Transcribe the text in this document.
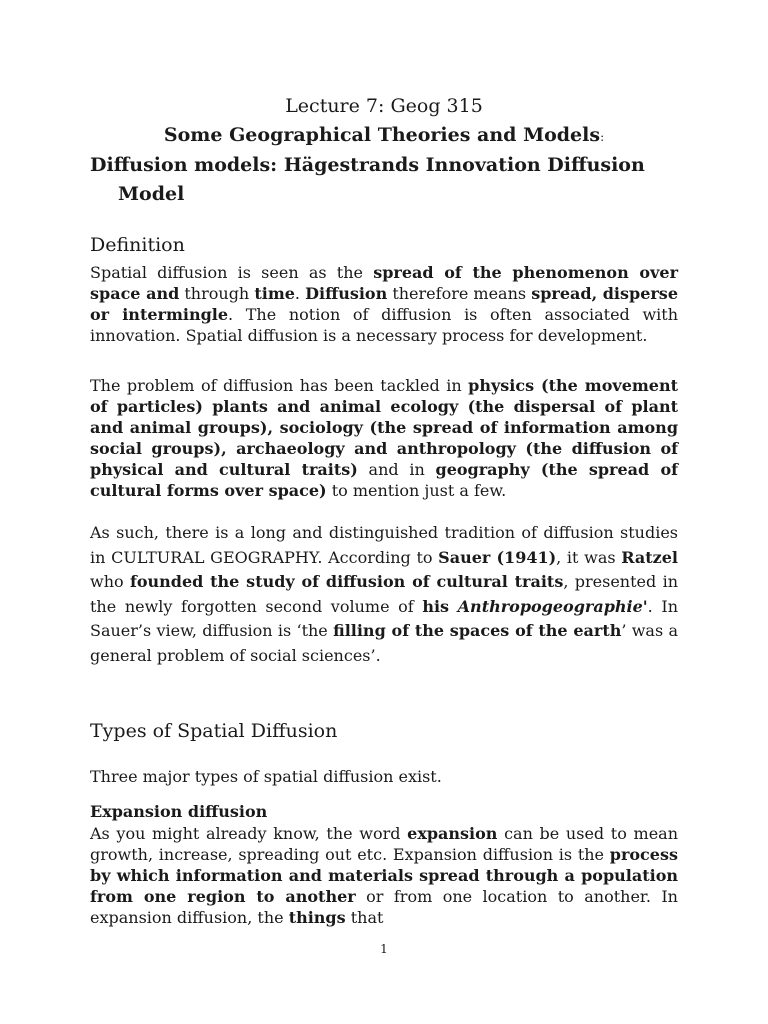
Lecture 7: Geog 315
Some Geographical Theories and Models:
Diffusion models: Hägestrands Innovation Diffusion
Model
Definition
Spatial diffusion is seen as the spread of the phenomenon over space and through time. Diffusion therefore means spread, disperse or intermingle. The notion of diffusion is often associated with innovation. Spatial diffusion is a necessary process for development.
The problem of diffusion has been tackled in physics (the movement of particles) plants and animal ecology (the dispersal of plant and animal groups), sociology (the spread of information among social groups), archaeology and anthropology (the diffusion of physical and cultural traits) and in geography (the spread of cultural forms over space) to mention just a few.
As such, there is a long and distinguished tradition of diffusion studies in CULTURAL GEOGRAPHY. According to Sauer (1941), it was Ratzel who founded the study of diffusion of cultural traits, presented in the newly forgotten second volume of his Anthropogeographie'. In Sauer’s view, diffusion is ‘the filling of the spaces of the earth’ was a general problem of social sciences’.
Types of Spatial Diffusion
Three major types of spatial diffusion exist.
Expansion diffusion
As you might already know, the word expansion can be used to mean growth, increase, spreading out etc. Expansion diffusion is the process by which information and materials spread through a population from one region to another or from one location to another. In expansion diffusion, the things that
1
